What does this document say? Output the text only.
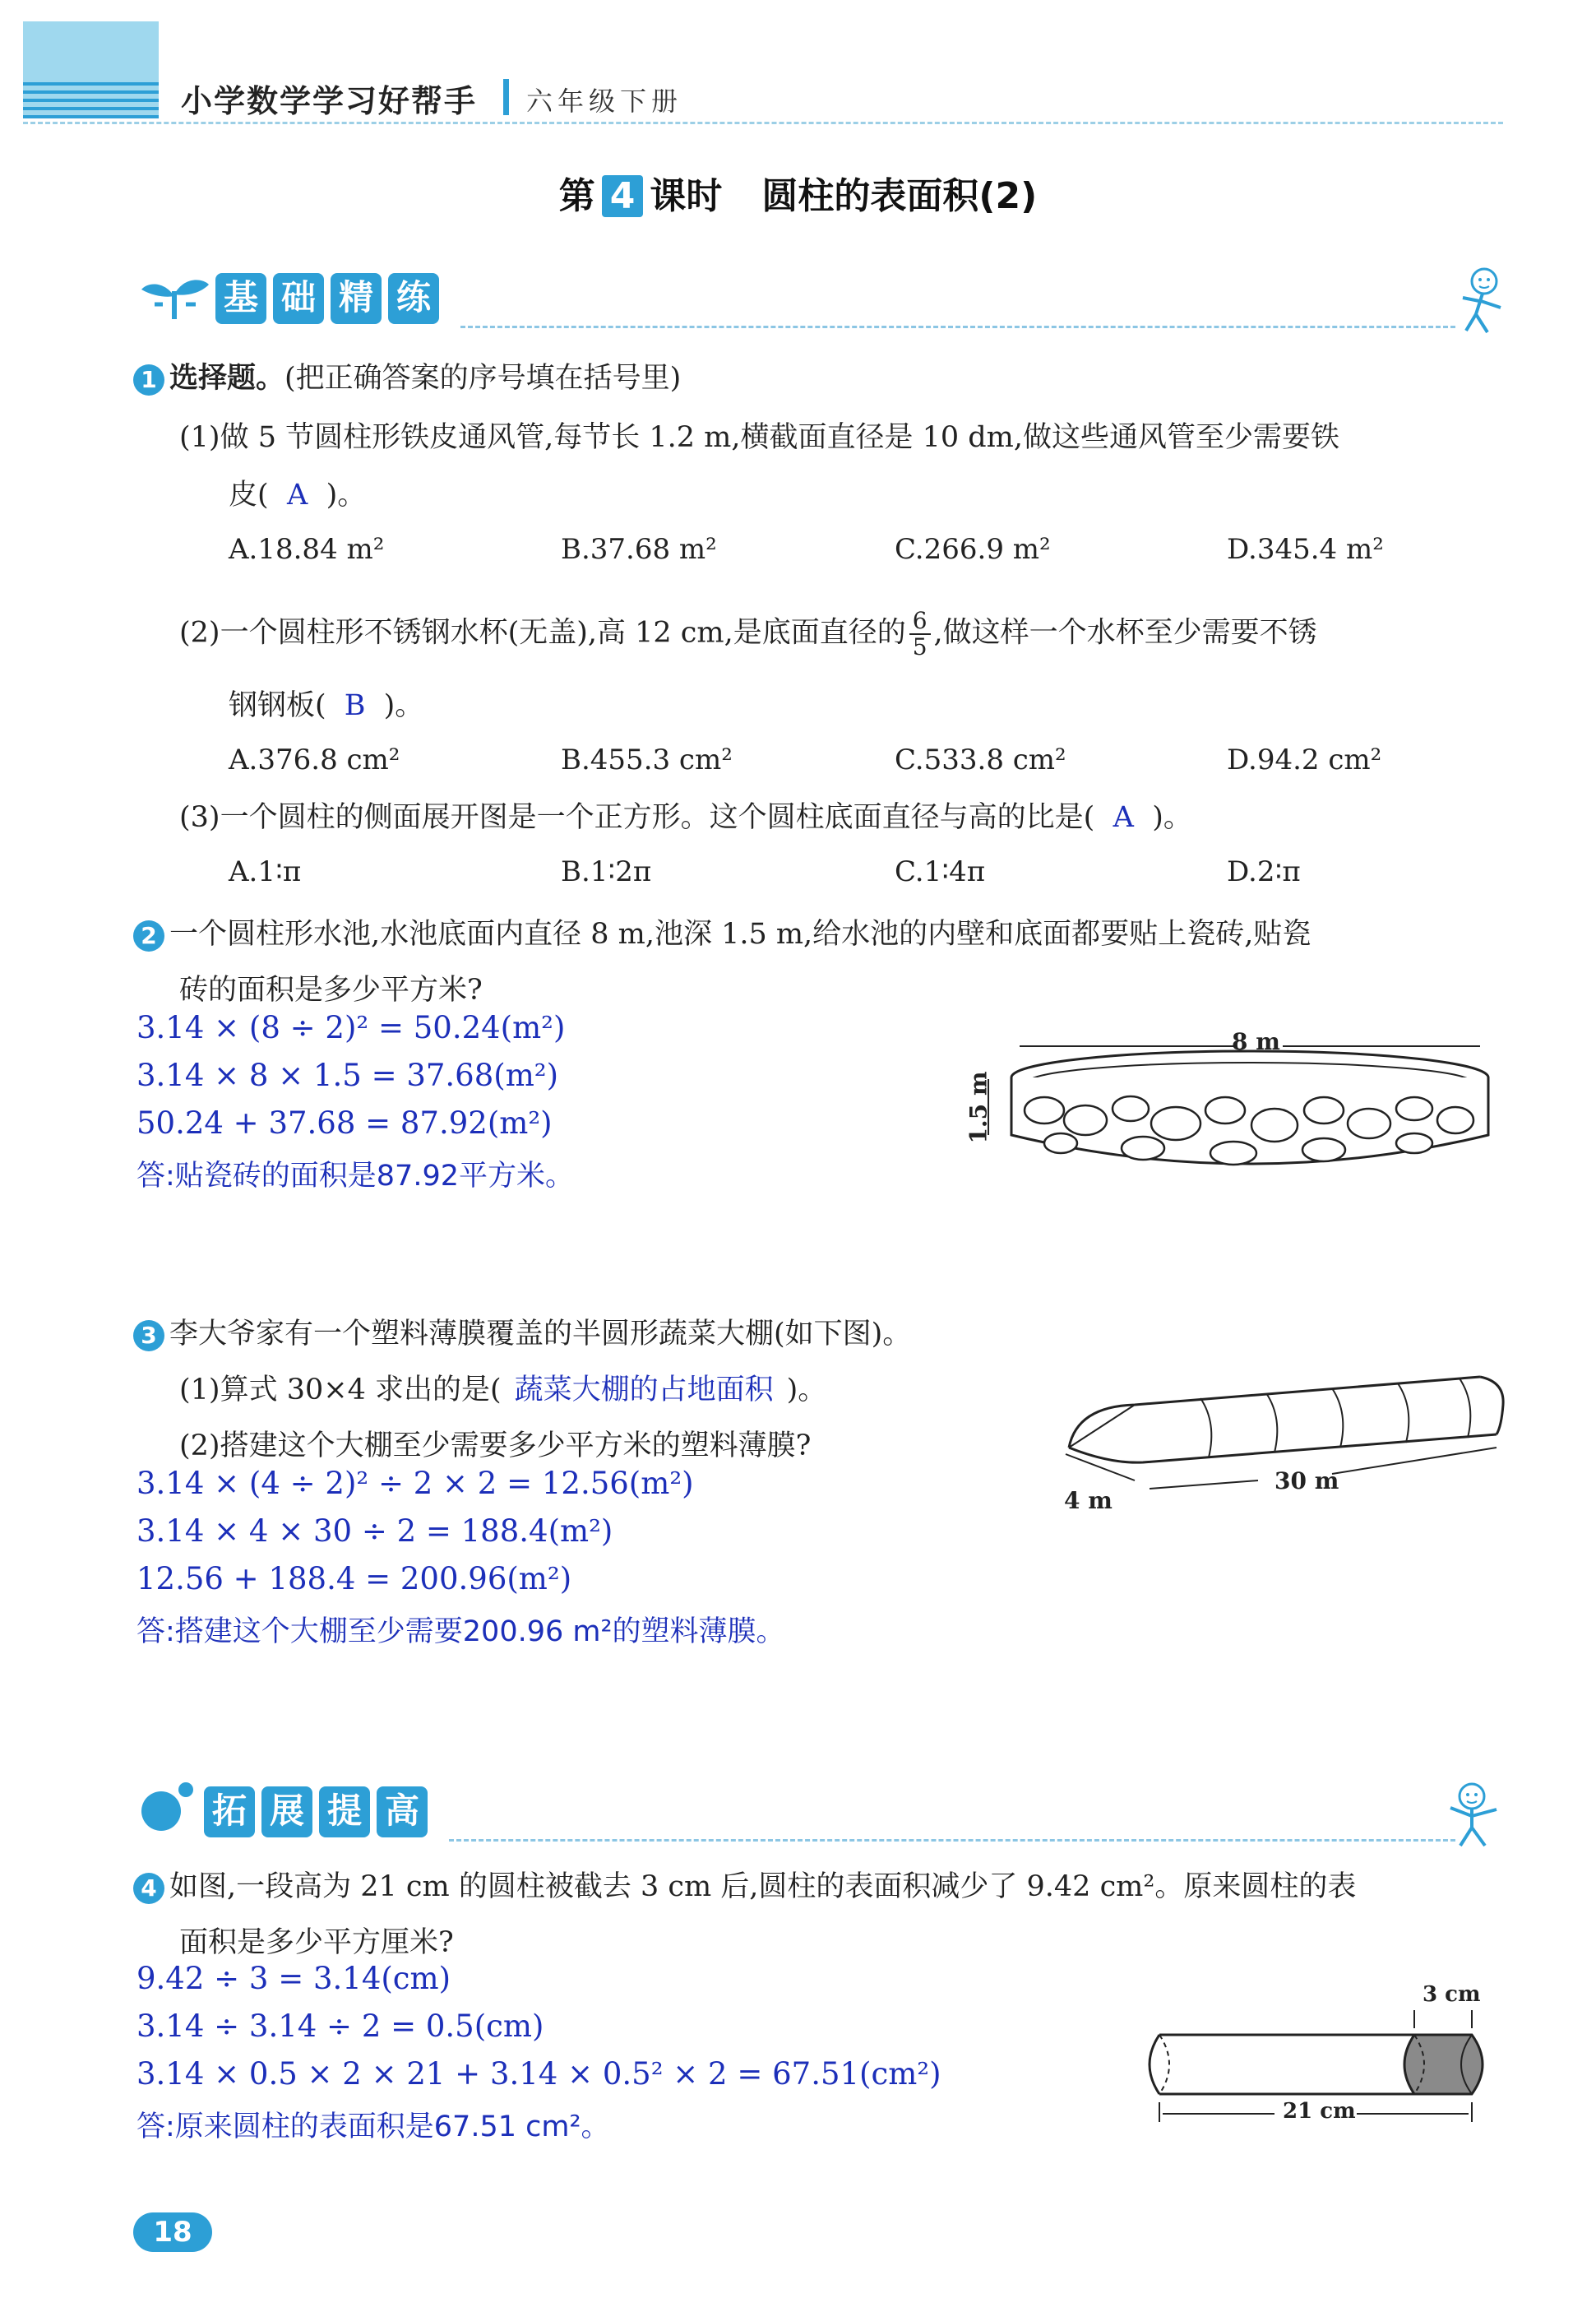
小学数学学习好帮手 六年级下册
第 4 课时 圆柱的表面积(2)
基 础 精 练
1 选择题。(把正确答案的序号填在括号里)
(1)做 5 节圆柱形铁皮通风管,每节长 1.2 m,横截面直径是 10 dm,做这些通风管至少需要铁
皮( A )。
A.18.84 m²	B.37.68 m²	C.266.9 m²	D.345.4 m²
(2)一个圆柱形不锈钢水杯(无盖),高 12 cm,是底面直径的 $\frac{6}{5}$ ,做这样一个水杯至少需要不锈
钢钢板( B )。
A.376.8 cm²	B.455.3 cm²	C.533.8 cm²	D.94.2 cm²
(3)一个圆柱的侧面展开图是一个正方形。这个圆柱底面直径与高的比是( A )。
A.1∶π	B.1∶2π	C.1∶4π	D.2∶π
2 一个圆柱形水池,水池底面内直径 8 m,池深 1.5 m,给水池的内壁和底面都要贴上瓷砖,贴瓷
砖的面积是多少平方米?
3.14 × (8 ÷ 2)² = 50.24(m²)
3.14 × 8 × 1.5 = 37.68(m²)
50.24 + 37.68 = 87.92(m²)
答:贴瓷砖的面积是87.92平方米。
8 m
1.5 m
3 李大爷家有一个塑料薄膜覆盖的半圆形蔬菜大棚(如下图)。
(1)算式 30×4 求出的是( 蔬菜大棚的占地面积 )。
(2)搭建这个大棚至少需要多少平方米的塑料薄膜?
3.14 × (4 ÷ 2)² ÷ 2 × 2 = 12.56(m²)
3.14 × 4 × 30 ÷ 2 = 188.4(m²)
12.56 + 188.4 = 200.96(m²)
答:搭建这个大棚至少需要200.96 m²的塑料薄膜。
4 m
30 m
拓 展 提 高
4 如图,一段高为 21 cm 的圆柱被截去 3 cm 后,圆柱的表面积减少了 9.42 cm²。原来圆柱的表
面积是多少平方厘米?
9.42 ÷ 3 = 3.14(cm)
3.14 ÷ 3.14 ÷ 2 = 0.5(cm)
3.14 × 0.5 × 2 × 21 + 3.14 × 0.5² × 2 = 67.51(cm²)
答:原来圆柱的表面积是67.51 cm²。
3 cm
21 cm
18
